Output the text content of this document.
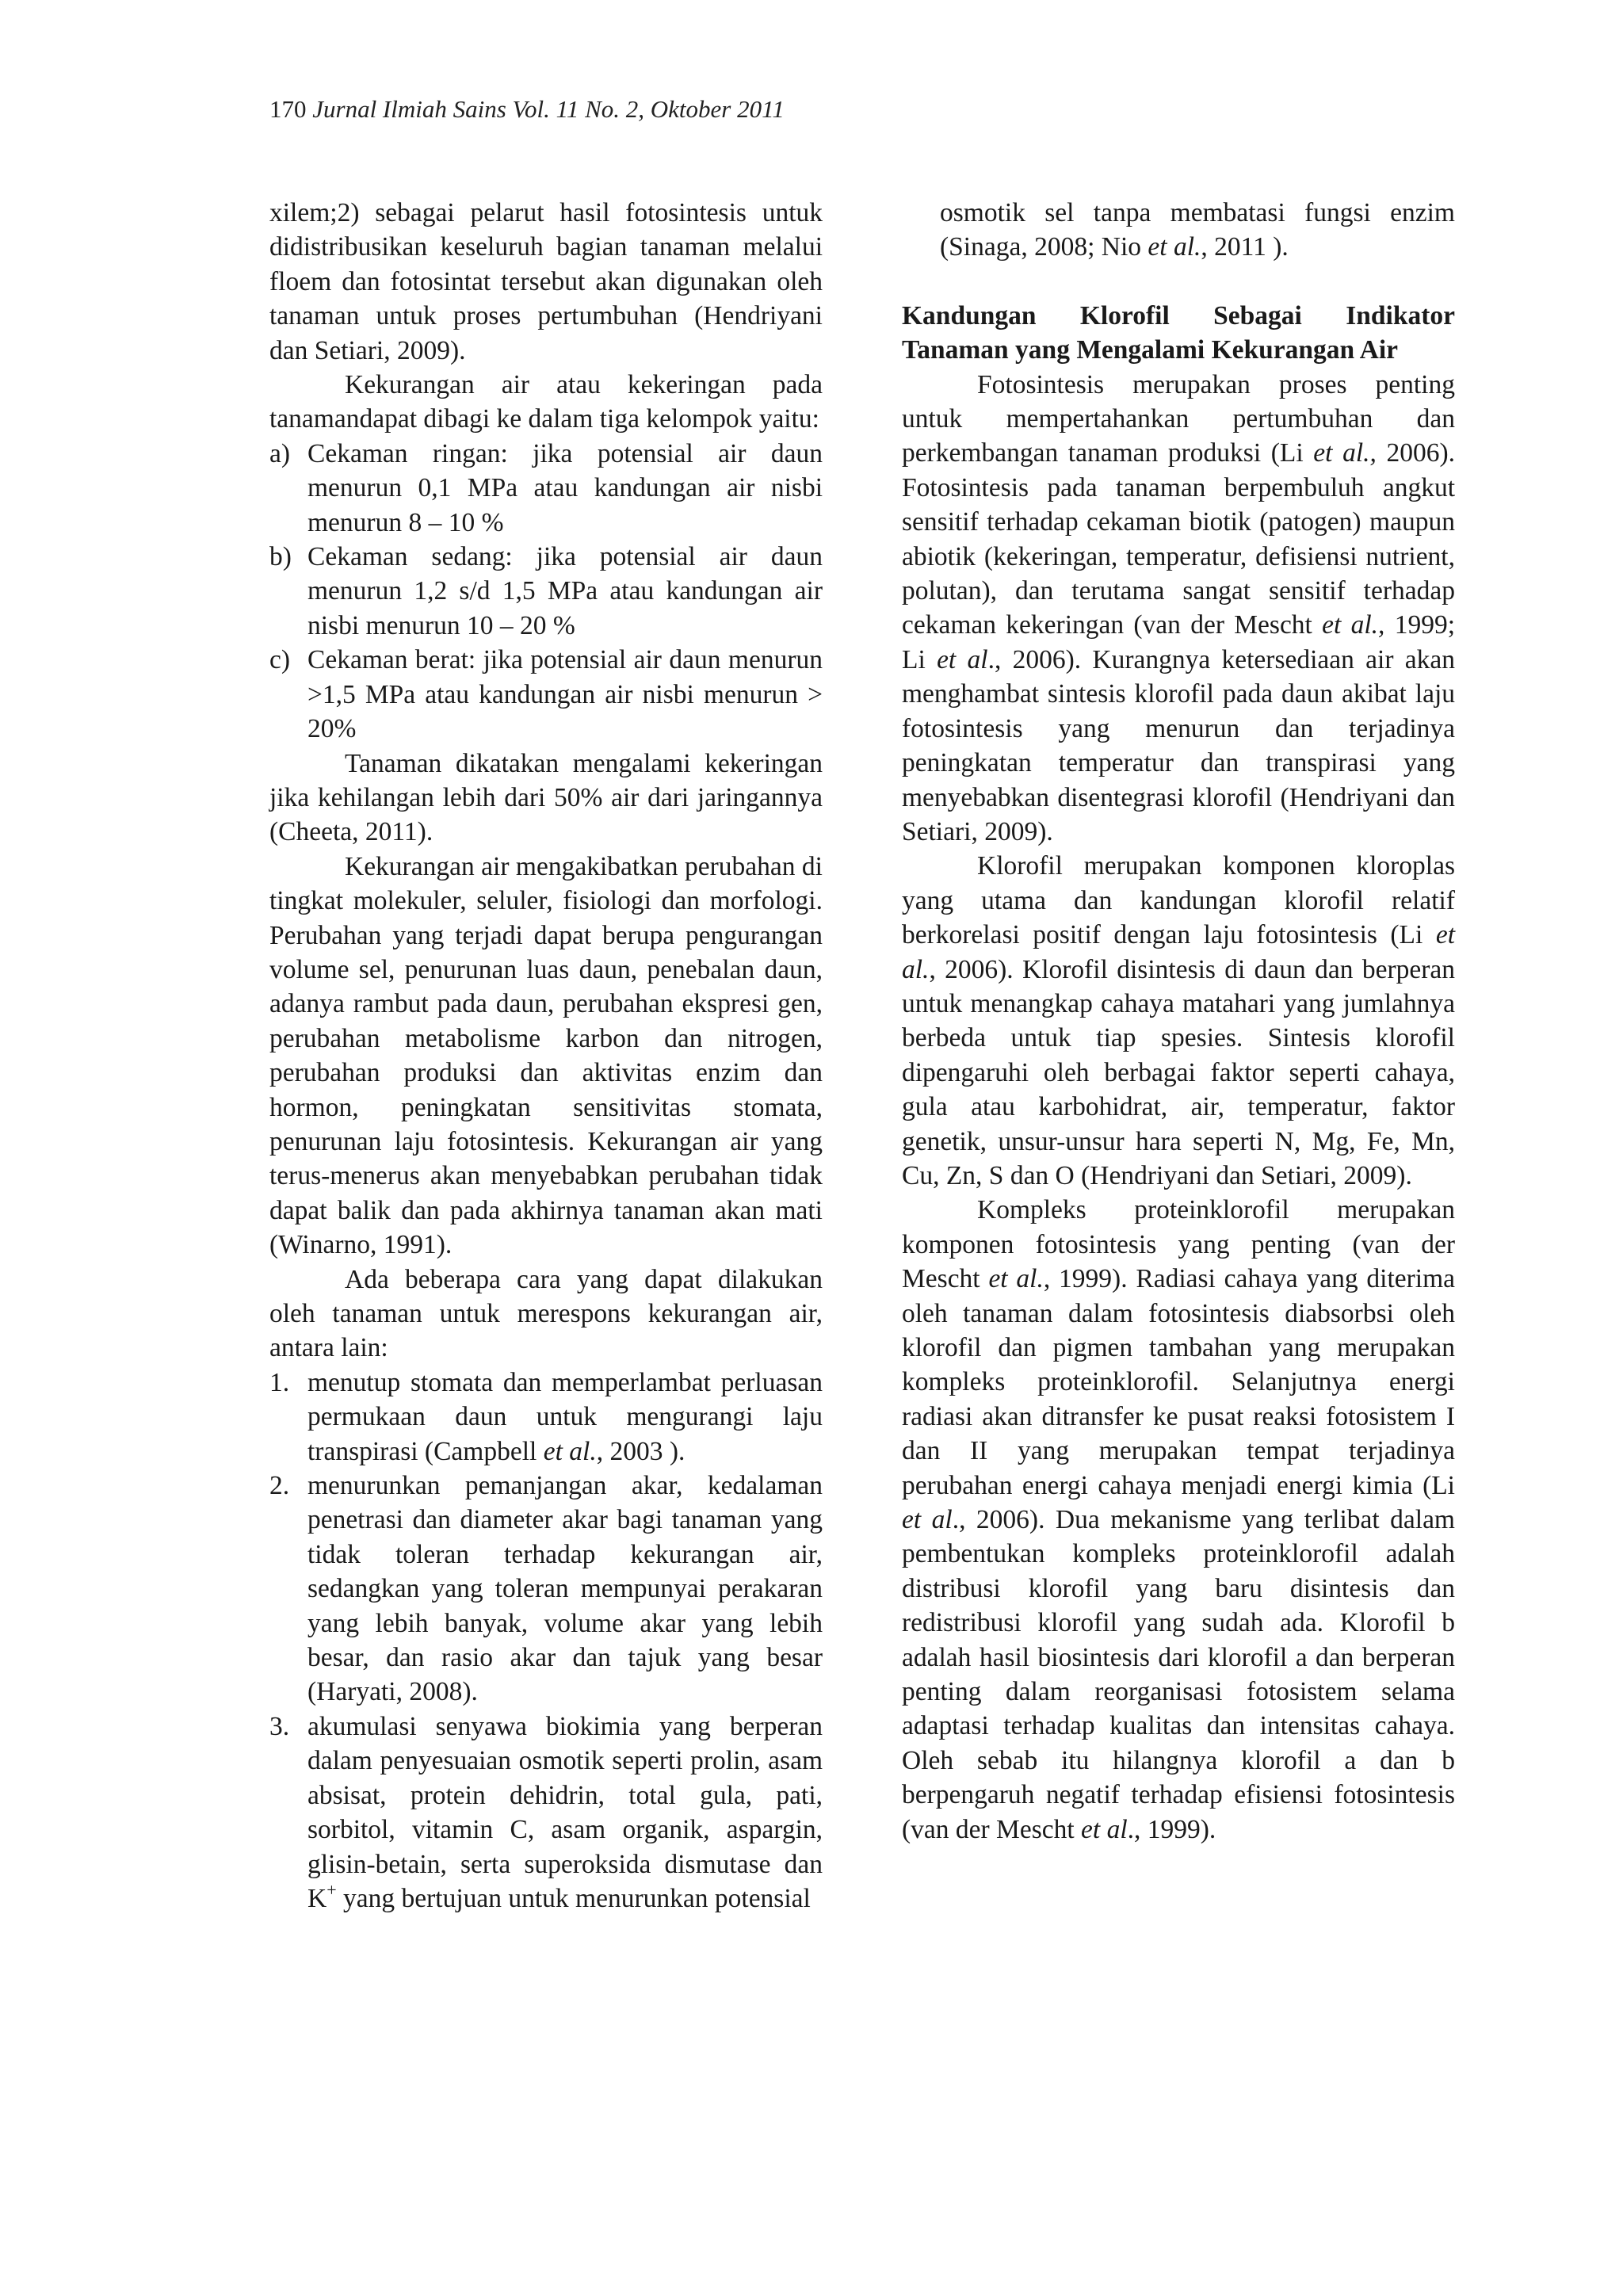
170 Jurnal Ilmiah Sains Vol. 11 No. 2, Oktober 2011

xilem;2) sebagai pelarut hasil fotosintesis untuk didistribusikan keseluruh bagian tanaman melalui floem dan fotosintat tersebut akan digunakan oleh tanaman untuk proses pertumbuhan (Hendriyani dan Setiari, 2009).

Kekurangan air atau kekeringan pada tanamandapat dibagi ke dalam tiga kelompok yaitu:

a) Cekaman ringan: jika potensial air daun menurun 0,1 MPa atau kandungan air nisbi menurun 8 – 10 %
b) Cekaman sedang: jika potensial air daun menurun 1,2 s/d 1,5 MPa atau kandungan air nisbi menurun 10 – 20 %
c) Cekaman berat: jika potensial air daun menurun >1,5 MPa atau kandungan air nisbi menurun > 20%

Tanaman dikatakan mengalami kekeringan jika kehilangan lebih dari 50% air dari jaringannya (Cheeta, 2011).

Kekurangan air mengakibatkan perubahan di tingkat molekuler, seluler, fisiologi dan morfologi. Perubahan yang terjadi dapat berupa pengurangan volume sel, penurunan luas daun, penebalan daun, adanya rambut pada daun, perubahan ekspresi gen, perubahan metabolisme karbon dan nitrogen, perubahan produksi dan aktivitas enzim dan hormon, peningkatan sensitivitas stomata, penurunan laju fotosintesis. Kekurangan air yang terus-menerus akan menyebabkan perubahan tidak dapat balik dan pada akhirnya tanaman akan mati (Winarno, 1991).

Ada beberapa cara yang dapat dilakukan oleh tanaman untuk merespons kekurangan air, antara lain:

1. menutup stomata dan memperlambat perluasan permukaan daun untuk mengurangi laju transpirasi (Campbell et al., 2003 ).
2. menurunkan pemanjangan akar, kedalaman penetrasi dan diameter akar bagi tanaman yang tidak toleran terhadap kekurangan air, sedangkan yang toleran mempunyai perakaran yang lebih banyak, volume akar yang lebih besar, dan rasio akar dan tajuk yang besar (Haryati, 2008).
3. akumulasi senyawa biokimia yang berperan dalam penyesuaian osmotik seperti prolin, asam absisat, protein dehidrin, total gula, pati, sorbitol, vitamin C, asam organik, aspargin, glisin-betain, serta superoksida dismutase dan K+ yang bertujuan untuk menurunkan potensial

osmotik sel tanpa membatasi fungsi enzim (Sinaga, 2008; Nio et al., 2011 ).

Kandungan Klorofil Sebagai Indikator Tanaman yang Mengalami Kekurangan Air

Fotosintesis merupakan proses penting untuk mempertahankan pertumbuhan dan perkembangan tanaman produksi (Li et al., 2006). Fotosintesis pada tanaman berpembuluh angkut sensitif terhadap cekaman biotik (patogen) maupun abiotik (kekeringan, temperatur, defisiensi nutrient, polutan), dan terutama sangat sensitif terhadap cekaman kekeringan (van der Mescht et al., 1999; Li et al., 2006). Kurangnya ketersediaan air akan menghambat sintesis klorofil pada daun akibat laju fotosintesis yang menurun dan terjadinya peningkatan temperatur dan transpirasi yang menyebabkan disentegrasi klorofil (Hendriyani dan Setiari, 2009).

Klorofil merupakan komponen kloroplas yang utama dan kandungan klorofil relatif berkorelasi positif dengan laju fotosintesis (Li et al., 2006). Klorofil disintesis di daun dan berperan untuk menangkap cahaya matahari yang jumlahnya berbeda untuk tiap spesies. Sintesis klorofil dipengaruhi oleh berbagai faktor seperti cahaya, gula atau karbohidrat, air, temperatur, faktor genetik, unsur-unsur hara seperti N, Mg, Fe, Mn, Cu, Zn, S dan O (Hendriyani dan Setiari, 2009).

Kompleks proteinklorofil merupakan komponen fotosintesis yang penting (van der Mescht et al., 1999). Radiasi cahaya yang diterima oleh tanaman dalam fotosintesis diabsorbsi oleh klorofil dan pigmen tambahan yang merupakan kompleks proteinklorofil. Selanjutnya energi radiasi akan ditransfer ke pusat reaksi fotosistem I dan II yang merupakan tempat terjadinya perubahan energi cahaya menjadi energi kimia (Li et al., 2006). Dua mekanisme yang terlibat dalam pembentukan kompleks proteinklorofil adalah distribusi klorofil yang baru disintesis dan redistribusi klorofil yang sudah ada. Klorofil b adalah hasil biosintesis dari klorofil a dan berperan penting dalam reorganisasi fotosistem selama adaptasi terhadap kualitas dan intensitas cahaya. Oleh sebab itu hilangnya klorofil a dan b berpengaruh negatif terhadap efisiensi fotosintesis (van der Mescht et al., 1999).
